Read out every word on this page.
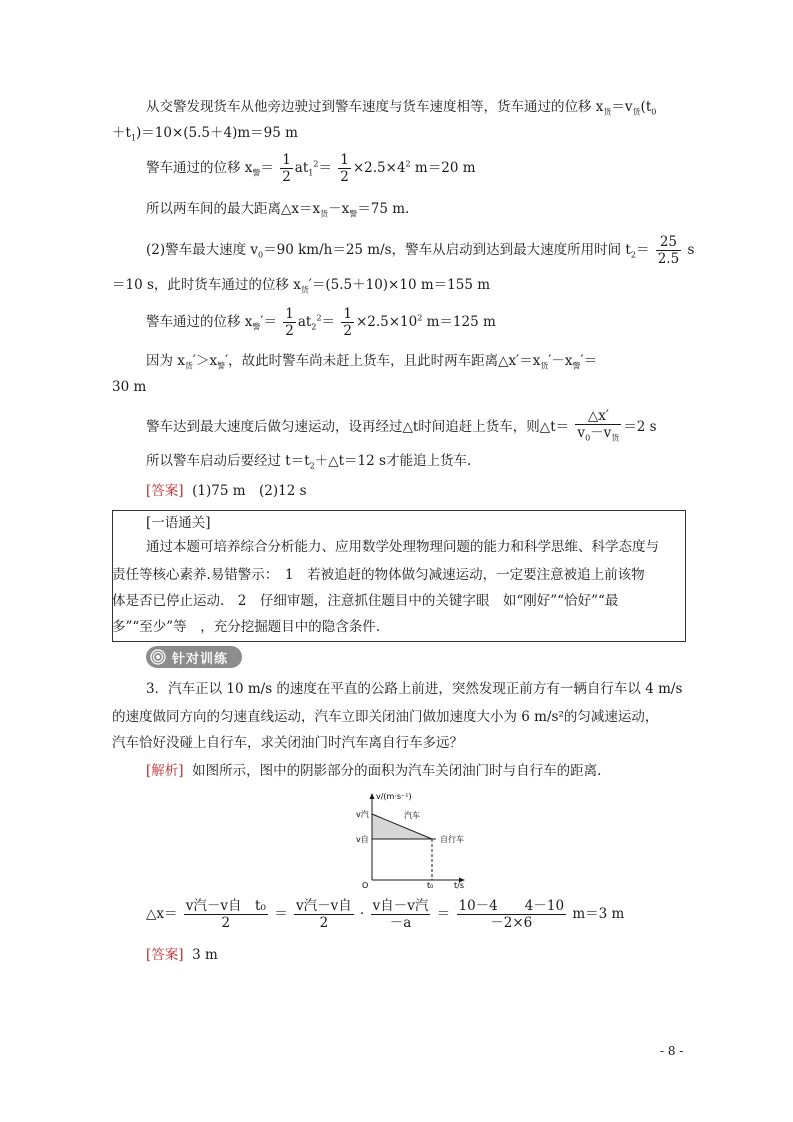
从交警发现货车从他旁边驶过到警车速度与货车速度相等，货车通过的位移 $x_货=v_货(t_0$
$+t_1)=10\times(5.5+4)m=95$ m
警车通过的位移 $x_警= \frac{1}{2} at_1^2= \frac{1}{2} \times 2.5\times 4^2$ m＝20 m
所以两车间的最大距离$\triangle x=x_货-x_警=75$ m.
(2)警车最大速度 $v_0=90$ km/h＝25 m/s，警车从启动到达到最大速度所用时间 $t_2= \frac{25}{2.5}$ s
＝10 s，此时货车通过的位移 $x_货'=(5.5+10)\times 10$ m＝155 m
警车通过的位移 $x_警'= \frac{1}{2} at_2^2= \frac{1}{2} \times 2.5\times 10^2$ m＝125 m
因为 $x_货'>x_警'$，故此时警车尚未赶上货车，且此时两车距离$\triangle x'=x_货'-x_警'=$
30 m
警车达到最大速度后做匀速运动，设再经过△t时间追赶上货车，则△t＝ $\frac{\triangle x'}{v_0-v_货} =2$ s
所以警车启动后要经过 $t=t_2+\triangle t=12$ s才能追上货车.
[答案] (1)75 m　(2)12 s
[一语通关]
通过本题可培养综合分析能力、应用数学处理物理问题的能力和科学思维、科学态度与
责任等核心素养.易错警示：　1　若被追赶的物体做匀减速运动，一定要注意被追上前该物
体是否已停止运动.　2　仔细审题，注意抓住题目中的关键字眼　如“刚好”“恰好”“最
多”“至少”等　，充分挖掘题目中的隐含条件.
针对训练
3．汽车正以 10 m/s 的速度在平直的公路上前进，突然发现正前方有一辆自行车以 4 m/s
的速度做同方向的匀速直线运动，汽车立即关闭油门做加速度大小为 6 m/s²的匀减速运动，
汽车恰好没碰上自行车，求关闭油门时汽车离自行车多远？
[解析] 如图所示，图中的阴影部分的面积为汽车关闭油门时与自行车的距离.
v/(m·s⁻¹)
v汽
v自
O	t₀	t/s
汽车
自行车
△x＝ $\frac{\text{v汽－v自　t₀}}{2} = \frac{\text{v汽－v自}}{2} \cdot \frac{\text{v自－v汽}}{-a} = \frac{10-4 4-10}{-2\times 6} m=3$ m
[答案] 3 m
- 8 -
